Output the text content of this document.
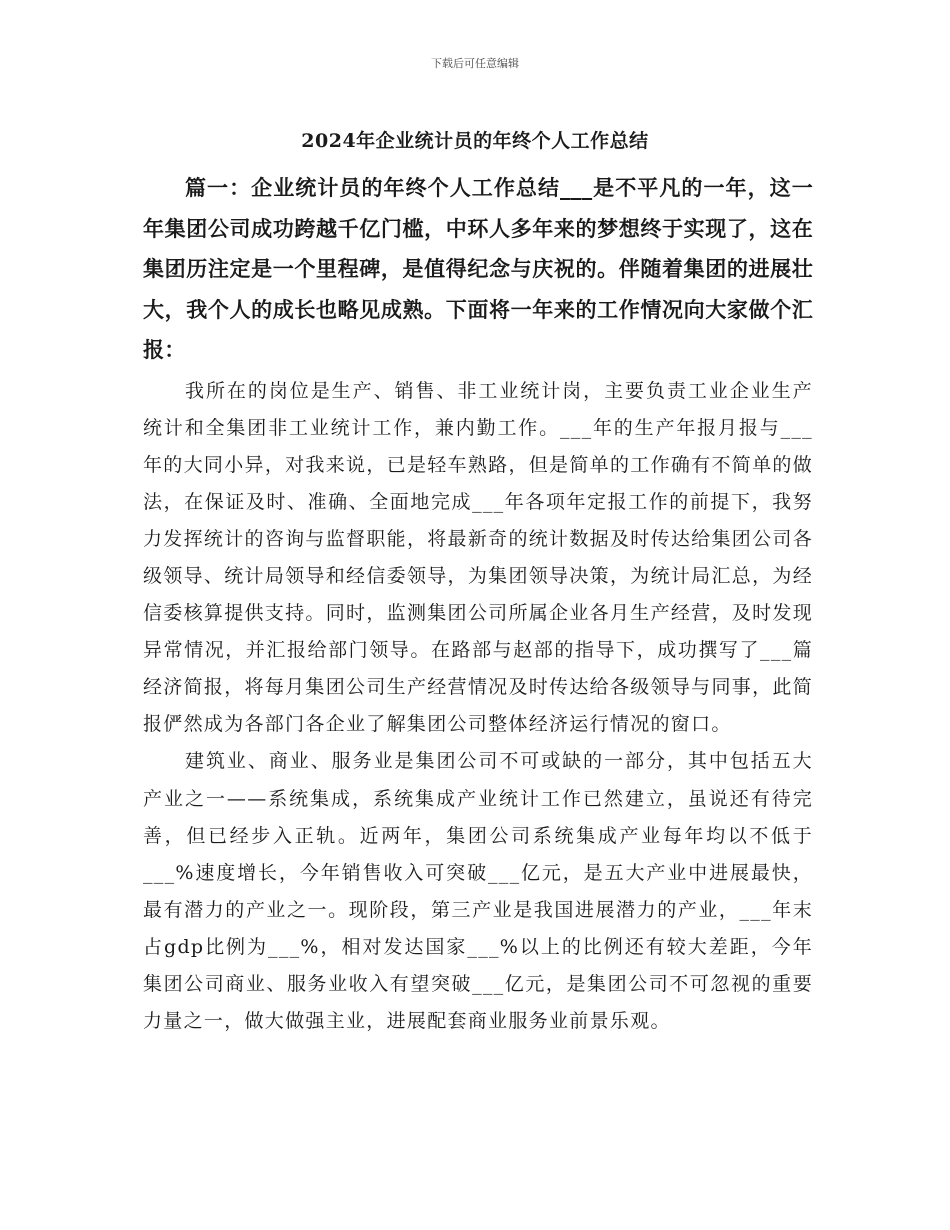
下载后可任意编辑
2024年企业统计员的年终个人工作总结

篇一：企业统计员的年终个人工作总结___是不平凡的一年，这一年集团公司成功跨越千亿门槛，中环人多年来的梦想终于实现了，这在集团历注定是一个里程碑，是值得纪念与庆祝的。伴随着集团的进展壮大，我个人的成长也略见成熟。下面将一年来的工作情况向大家做个汇报：

我所在的岗位是生产、销售、非工业统计岗，主要负责工业企业生产统计和全集团非工业统计工作，兼内勤工作。___年的生产年报月报与___年的大同小异，对我来说，已是轻车熟路，但是简单的工作确有不简单的做法，在保证及时、准确、全面地完成___年各项年定报工作的前提下，我努力发挥统计的咨询与监督职能，将最新奇的统计数据及时传达给集团公司各级领导、统计局领导和经信委领导，为集团领导决策，为统计局汇总，为经信委核算提供支持。同时，监测集团公司所属企业各月生产经营，及时发现异常情况，并汇报给部门领导。在路部与赵部的指导下，成功撰写了___篇经济简报，将每月集团公司生产经营情况及时传达给各级领导与同事，此简报俨然成为各部门各企业了解集团公司整体经济运行情况的窗口。

建筑业、商业、服务业是集团公司不可或缺的一部分，其中包括五大产业之一——系统集成，系统集成产业统计工作已然建立，虽说还有待完善，但已经步入正轨。近两年，集团公司系统集成产业每年均以不低于___%速度增长，今年销售收入可突破___亿元，是五大产业中进展最快，最有潜力的产业之一。现阶段，第三产业是我国进展潜力的产业，___年末占gdp比例为___%，相对发达国家___%以上的比例还有较大差距，今年集团公司商业、服务业收入有望突破___亿元，是集团公司不可忽视的重要力量之一，做大做强主业，进展配套商业服务业前景乐观。
